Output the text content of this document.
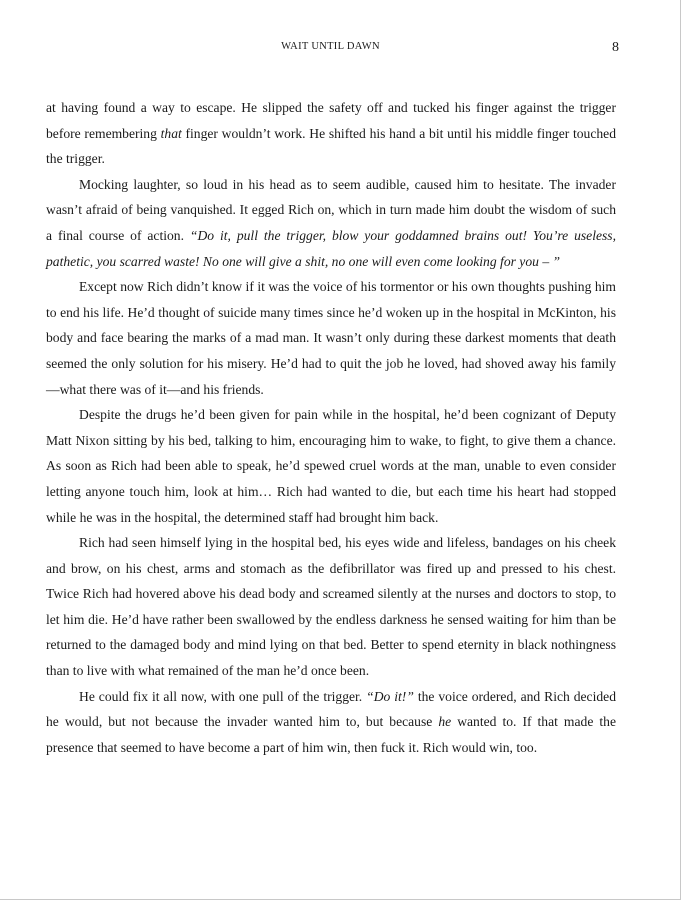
WAIT UNTIL DAWN	8

at having found a way to escape. He slipped the safety off and tucked his finger against the trigger before remembering that finger wouldn’t work. He shifted his hand a bit until his middle finger touched the trigger.

Mocking laughter, so loud in his head as to seem audible, caused him to hesitate. The invader wasn’t afraid of being vanquished. It egged Rich on, which in turn made him doubt the wisdom of such a final course of action. “Do it, pull the trigger, blow your goddamned brains out! You’re useless, pathetic, you scarred waste! No one will give a shit, no one will even come looking for you – ”

Except now Rich didn’t know if it was the voice of his tormentor or his own thoughts pushing him to end his life. He’d thought of suicide many times since he’d woken up in the hospital in McKinton, his body and face bearing the marks of a mad man. It wasn’t only during these darkest moments that death seemed the only solution for his misery. He’d had to quit the job he loved, had shoved away his family—what there was of it—and his friends.

Despite the drugs he’d been given for pain while in the hospital, he’d been cognizant of Deputy Matt Nixon sitting by his bed, talking to him, encouraging him to wake, to fight, to give them a chance. As soon as Rich had been able to speak, he’d spewed cruel words at the man, unable to even consider letting anyone touch him, look at him… Rich had wanted to die, but each time his heart had stopped while he was in the hospital, the determined staff had brought him back.

Rich had seen himself lying in the hospital bed, his eyes wide and lifeless, bandages on his cheek and brow, on his chest, arms and stomach as the defibrillator was fired up and pressed to his chest. Twice Rich had hovered above his dead body and screamed silently at the nurses and doctors to stop, to let him die. He’d have rather been swallowed by the endless darkness he sensed waiting for him than be returned to the damaged body and mind lying on that bed. Better to spend eternity in black nothingness than to live with what remained of the man he’d once been.

He could fix it all now, with one pull of the trigger. “Do it!” the voice ordered, and Rich decided he would, but not because the invader wanted him to, but because he wanted to. If that made the presence that seemed to have become a part of him win, then fuck it. Rich would win, too.
